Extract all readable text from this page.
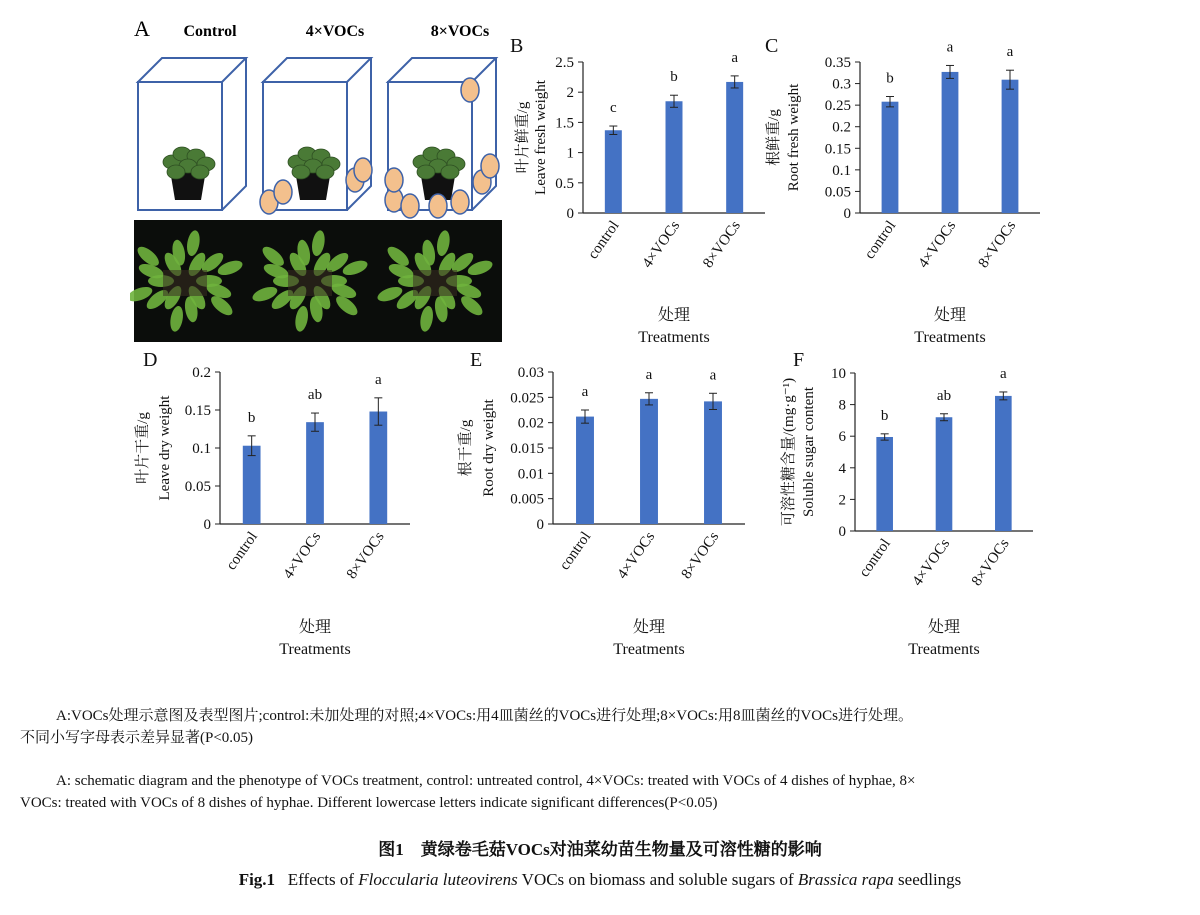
A Control	4×VOCs	8×VOCs
B
0
0.5
1
1.5
2
2.5
c
control
b
4×VOCs
a
8×VOCs
叶片鲜重/g Leave fresh weight
处理
Treatments
C
0
0.05
0.1
0.15
0.2
0.25
0.3
0.35
b
control
a
4×VOCs
a
8×VOCs
根鲜重/g Root fresh weight
处理
Treatments
D
0
0.05
0.1
0.15
0.2
b
control
ab
4×VOCs
a
8×VOCs
叶片干重/g Leave dry weight
处理
Treatments
E
0
0.005
0.01
0.015
0.02
0.025
0.03
a
control
a
4×VOCs
a
8×VOCs
根干重/g Root dry weight
处理
Treatments
F
0
2
4
6
8
10
b
control
ab
4×VOCs
a
8×VOCs
可溶性糖含量/(mg·g⁻¹) Soluble sugar content
处理
Treatments
A:VOCs处理示意图及表型图片;control:未加处理的对照;4×VOCs:用4皿菌丝的VOCs进行处理;8×VOCs:用8皿菌丝的VOCs进行处理。
不同小写字母表示差异显著(P<0.05)
A: schematic diagram and the phenotype of VOCs treatment, control: untreated control, 4×VOCs: treated with VOCs of 4 dishes of hyphae, 8×
VOCs: treated with VOCs of 8 dishes of hyphae. Different lowercase letters indicate significant differences(P<0.05)
图1　黄绿卷毛菇VOCs对油菜幼苗生物量及可溶性糖的影响
Fig.1 Effects of Floccularia luteovirens VOCs on biomass and soluble sugars of Brassica rapa seedlings
